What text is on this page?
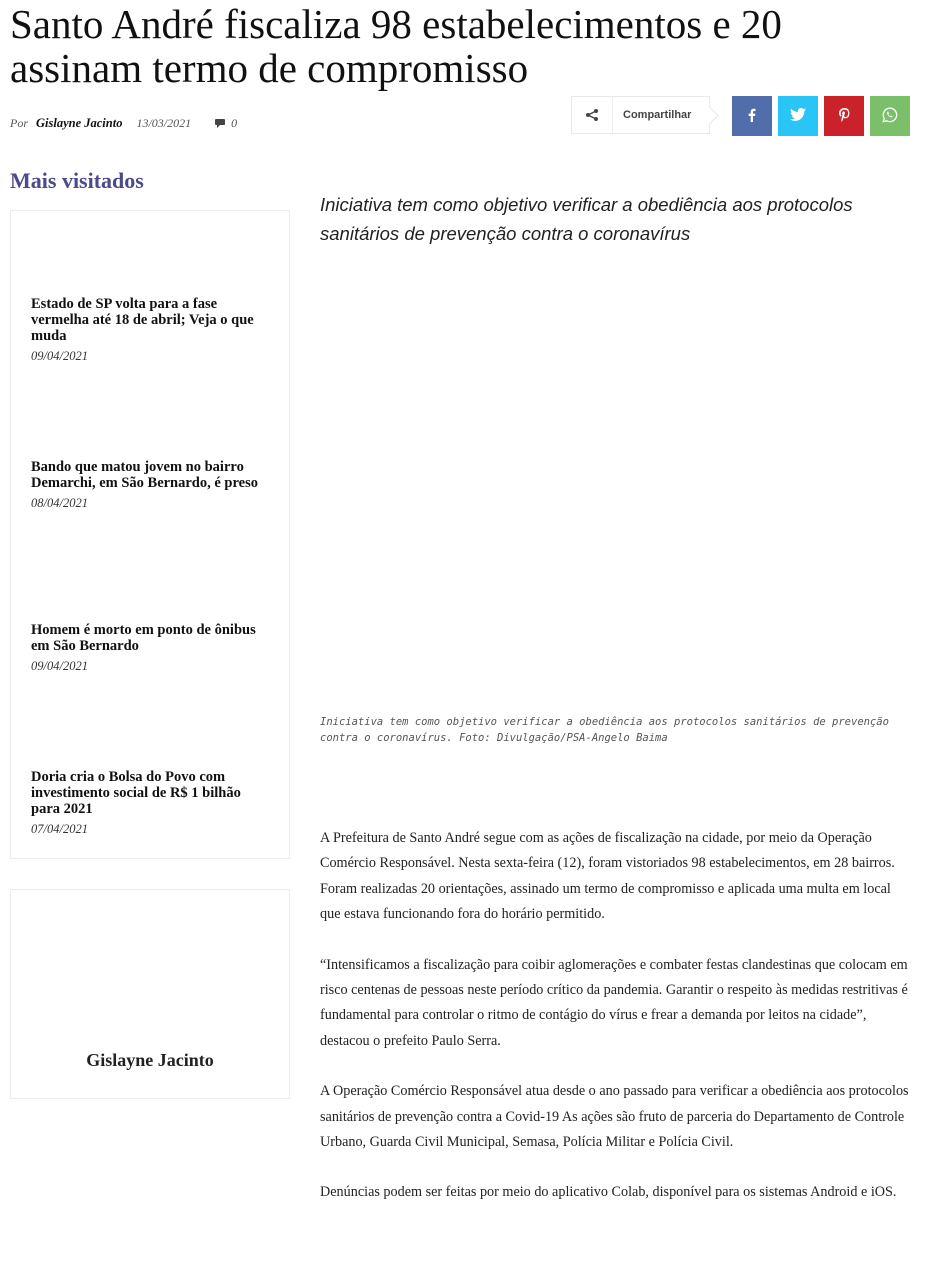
Santo André fiscaliza 98 estabelecimentos e 20 assinam termo de compromisso
Por Gislayne Jacinto 13/03/2021	0
Compartilhar
Mais visitados
Estado de SP volta para a fase vermelha até 18 de abril; Veja o que muda
09/04/2021
Bando que matou jovem no bairro Demarchi, em São Bernardo, é preso
08/04/2021
Homem é morto em ponto de ônibus em São Bernardo
09/04/2021
Doria cria o Bolsa do Povo com investimento social de R$ 1 bilhão para 2021
07/04/2021
Gislayne Jacinto

Iniciativa tem como objetivo verificar a obediência aos protocolos sanitários de prevenção contra o coronavírus

Iniciativa tem como objetivo verificar a obediência aos protocolos sanitários de prevenção contra o coronavírus. Foto: Divulgação/PSA-Angelo Baima

A Prefeitura de Santo André segue com as ações de fiscalização na cidade, por meio da Operação Comércio Responsável. Nesta sexta-feira (12), foram vistoriados 98 estabelecimentos, em 28 bairros. Foram realizadas 20 orientações, assinado um termo de compromisso e aplicada uma multa em local que estava funcionando fora do horário permitido.

“Intensificamos a fiscalização para coibir aglomerações e combater festas clandestinas que colocam em risco centenas de pessoas neste período crítico da pandemia. Garantir o respeito às medidas restritivas é fundamental para controlar o ritmo de contágio do vírus e frear a demanda por leitos na cidade”, destacou o prefeito Paulo Serra.

A Operação Comércio Responsável atua desde o ano passado para verificar a obediência aos protocolos sanitários de prevenção contra a Covid-19 As ações são fruto de parceria do Departamento de Controle Urbano, Guarda Civil Municipal, Semasa, Polícia Militar e Polícia Civil.

Denúncias podem ser feitas por meio do aplicativo Colab, disponível para os sistemas Android e iOS.
